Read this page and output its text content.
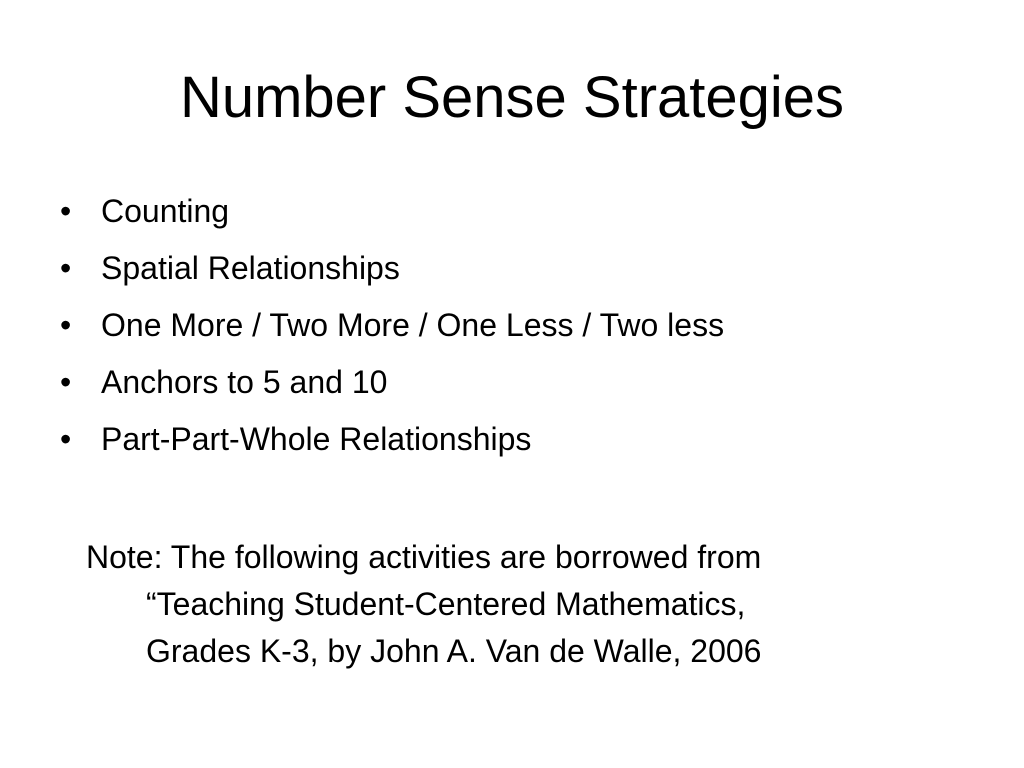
Number Sense Strategies
• Counting
• Spatial Relationships
• One More / Two More / One Less / Two less
• Anchors to 5 and 10
• Part-Part-Whole Relationships

Note: The following activities are borrowed from
“Teaching Student-Centered Mathematics,
Grades K-3, by John A. Van de Walle, 2006
